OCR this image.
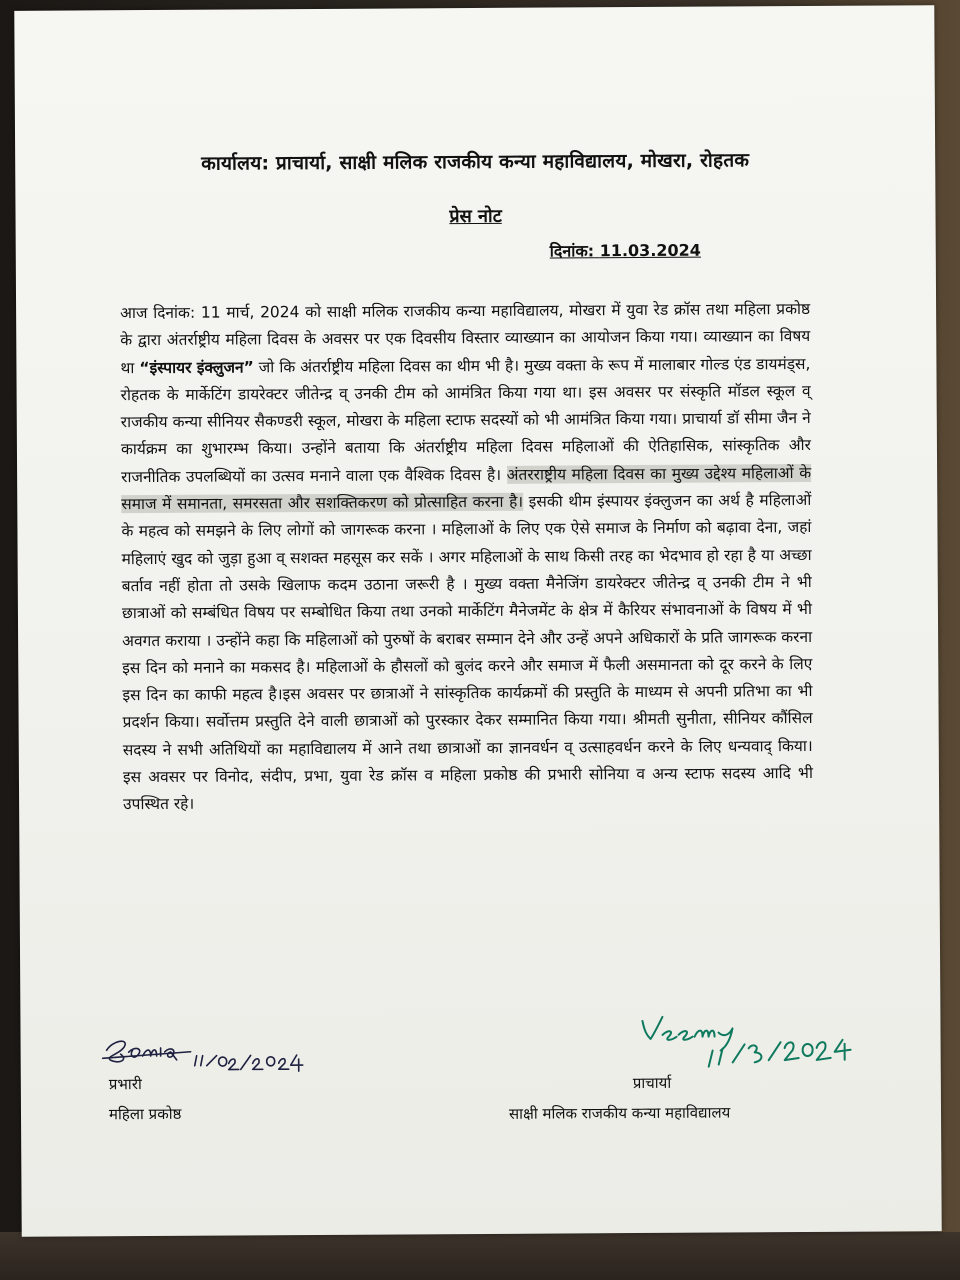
कार्यालय: प्राचार्या, साक्षी मलिक राजकीय कन्या महाविद्यालय, मोखरा, रोहतक
प्रेस नोट
दिनांक: 11.03.2024

आज दिनांक: 11 मार्च, 2024 को साक्षी मलिक राजकीय कन्या महाविद्यालय, मोखरा में युवा रेड क्रॉस तथा महिला प्रकोष्ठ के द्वारा अंतर्राष्ट्रीय महिला दिवस के अवसर पर एक दिवसीय विस्तार व्याख्यान का आयोजन किया गया। व्याख्यान का विषय था “इंस्पायर इंक्लुजन” जो कि अंतर्राष्ट्रीय महिला दिवस का थीम भी है। मुख्य वक्ता के रूप में मालाबार गोल्ड एंड डायमंड्स, रोहतक के मार्केटिंग डायरेक्टर जीतेन्द्र व् उनकी टीम को आमंत्रित किया गया था। इस अवसर पर संस्कृति मॉडल स्कूल व् राजकीय कन्या सीनियर सैकण्डरी स्कूल, मोखरा के महिला स्टाफ सदस्यों को भी आमंत्रित किया गया। प्राचार्या डॉ सीमा जैन ने कार्यक्रम का शुभारम्भ किया। उन्होंने बताया कि अंतर्राष्ट्रीय महिला दिवस महिलाओं की ऐतिहासिक, सांस्कृतिक और राजनीतिक उपलब्धियों का उत्सव मनाने वाला एक वैश्विक दिवस है। अंतरराष्ट्रीय महिला दिवस का मुख्य उद्देश्य महिलाओं के समाज में समानता, समरसता और सशक्तिकरण को प्रोत्साहित करना है। इसकी थीम इंस्पायर इंक्लुजन का अर्थ है महिलाओं के महत्व को समझने के लिए लोगों को जागरूक करना । महिलाओं के लिए एक ऐसे समाज के निर्माण को बढ़ावा देना, जहां महिलाएं खुद को जुड़ा हुआ व् सशक्त महसूस कर सकें । अगर महिलाओं के साथ किसी तरह का भेदभाव हो रहा है या अच्छा बर्ताव नहीं होता तो उसके खिलाफ कदम उठाना जरूरी है । मुख्य वक्ता मैनेजिंग डायरेक्टर जीतेन्द्र व् उनकी टीम ने भी छात्राओं को सम्बंधित विषय पर सम्बोधित किया तथा उनको मार्केटिंग मैनेजमेंट के क्षेत्र में कैरियर संभावनाओं के विषय में भी अवगत कराया । उन्होंने कहा कि महिलाओं को पुरुषों के बराबर सम्मान देने और उन्हें अपने अधिकारों के प्रति जागरूक करना इस दिन को मनाने का मकसद है। महिलाओं के हौसलों को बुलंद करने और समाज में फैली असमानता को दूर करने के लिए इस दिन का काफी महत्व है।इस अवसर पर छात्राओं ने सांस्कृतिक कार्यक्रमों की प्रस्तुति के माध्यम से अपनी प्रतिभा का भी प्रदर्शन किया। सर्वोत्तम प्रस्तुति देने वाली छात्राओं को पुरस्कार देकर सम्मानित किया गया। श्रीमती सुनीता, सीनियर कौंसिल सदस्य ने सभी अतिथियों का महाविद्यालय में आने तथा छात्राओं का ज्ञानवर्धन व् उत्साहवर्धन करने के लिए धन्यवाद् किया। इस अवसर पर विनोद, संदीप, प्रभा, युवा रेड क्रॉस व महिला प्रकोष्ठ की प्रभारी सोनिया व अन्य स्टाफ सदस्य आदि भी उपस्थित रहे।

प्रभारी
महिला प्रकोष्ठ
प्राचार्या
साक्षी मलिक राजकीय कन्या महाविद्यालय
